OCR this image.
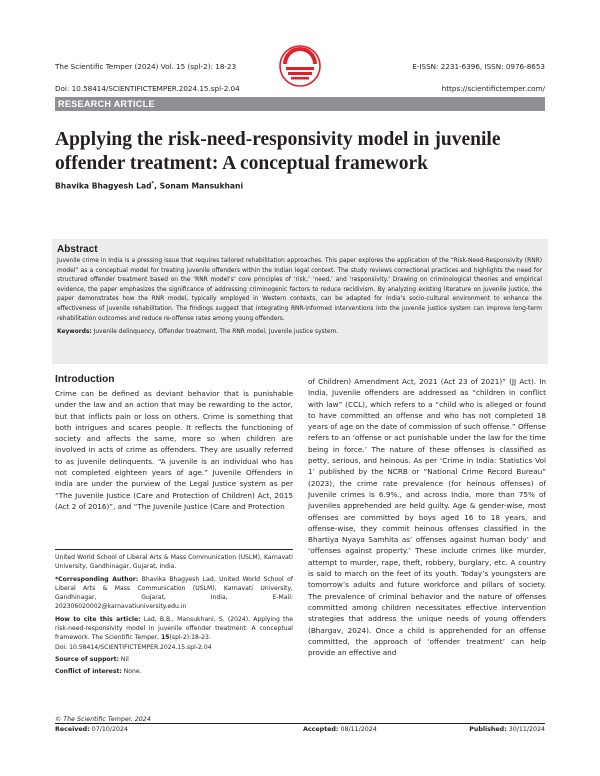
The Scientific Temper (2024) Vol. 15 (spl-2): 18-23	E-ISSN: 2231-6396, ISSN: 0976-8653
Doi: 10.58414/SCIENTIFICTEMPER.2024.15.spl-2.04	https://scientifictemper.com/
RESEARCH ARTICLE
Applying the risk-need-responsivity model in juvenile offender treatment: A conceptual framework
Bhavika Bhagyesh Lad*, Sonam Mansukhani
Abstract

Juvenile crime in India is a pressing issue that requires tailored rehabilitation approaches. This paper explores the application of the “Risk-Need-Responsivity (RNR) model” as a conceptual model for treating juvenile offenders within the Indian legal context. The study reviews correctional practices and highlights the need for structured offender treatment based on the ‘RNR model’s’ core principles of ‘risk,’ ‘need,’ and ‘responsivity.’ Drawing on criminological theories and empirical evidence, the paper emphasizes the significance of addressing criminogenic factors to reduce recidivism. By analyzing existing literature on juvenile justice, the paper demonstrates how the RNR model, typically employed in Western contexts, can be adapted for India’s socio-cultural environment to enhance the effectiveness of juvenile rehabilitation. The findings suggest that integrating RNR-informed interventions into the juvenile justice system can improve long-term rehabilitation outcomes and reduce re-offense rates among young offenders.

Keywords: Juvenile delinquency, Offender treatment, The RNR model, Juvenile justice system.

Introduction

Crime can be defined as deviant behavior that is punishable under the law and an action that may be rewarding to the actor, but that inflicts pain or loss on others. Crime is something that both intrigues and scares people. It reflects the functioning of society and affects the same, more so when children are involved in acts of crime as offenders. They are usually referred to as juvenile delinquents. “A juvenile is an individual who has not completed eighteen years of age.” Juvenile Offenders in India are under the purview of the Legal Justice system as per “The Juvenile Justice (Care and Protection of Children) Act, 2015 (Act 2 of 2016)”, and “The Juvenile Justice (Care and Protection

of Children) Amendment Act, 2021 (Act 23 of 2021)” (JJ Act). In India, Juvenile offenders are addressed as “children in conflict with law” (CCL), which refers to a “child who is alleged or found to have committed an offense and who has not completed 18 years of age on the date of commission of such offense.” Offense refers to an ‘offense or act punishable under the law for the time being in force.’ The nature of these offenses is classified as petty, serious, and heinous. As per ‘Crime in India: Statistics Vol 1’ published by the NCRB or “National Crime Record Bureau” (2023), the crime rate prevalence (for heinous offenses) of Juvenile crimes is 6.9%., and across India, more than 75% of juveniles apprehended are held guilty. Age & gender-wise, most offenses are committed by boys aged 16 to 18 years, and offense-wise, they commit heinous offenses classified in the Bhartiya Nyaya Samhita as’ offenses against human body’ and ‘offenses against property.’ These include crimes like murder, attempt to murder, rape, theft, robbery, burglary, etc. A country is said to march on the feet of its youth. Today’s youngsters are tomorrow’s adults and future workforce and pillars of society. The prevalence of criminal behavior and the nature of offenses committed among children necessitates effective intervention strategies that address the unique needs of young offenders (Bhargav, 2024). Once a child is apprehended for an offense committed, the approach of ‘offender treatment’ can help provide an effective and

United World School of Liberal Arts & Mass Communication (USLM), Karnavati University, Gandhinagar, Gujarat, India.

*Corresponding Author: Bhavika Bhagyesh Lad, United World School of Liberal Arts & Mass Communication (USLM), Karnavati University, Gandhinagar, Gujarat, India, E-Mail: 202306020002@karnavatiuniversity.edu.in

How to cite this article: Lad, B.B., Mansukhani, S. (2024). Applying the risk-need-responsivity model in juvenile offender treatment: A conceptual framework. The Scientific Temper, 15(spl-2):18-23.
Doi: 10.58414/SCIENTIFICTEMPER.2024.15.spl-2.04

Source of support: Nil

Conflict of interest: None.

© The Scientific Temper. 2024
Received: 07/10/2024	Accepted: 08/11/2024	Published: 30/11/2024
